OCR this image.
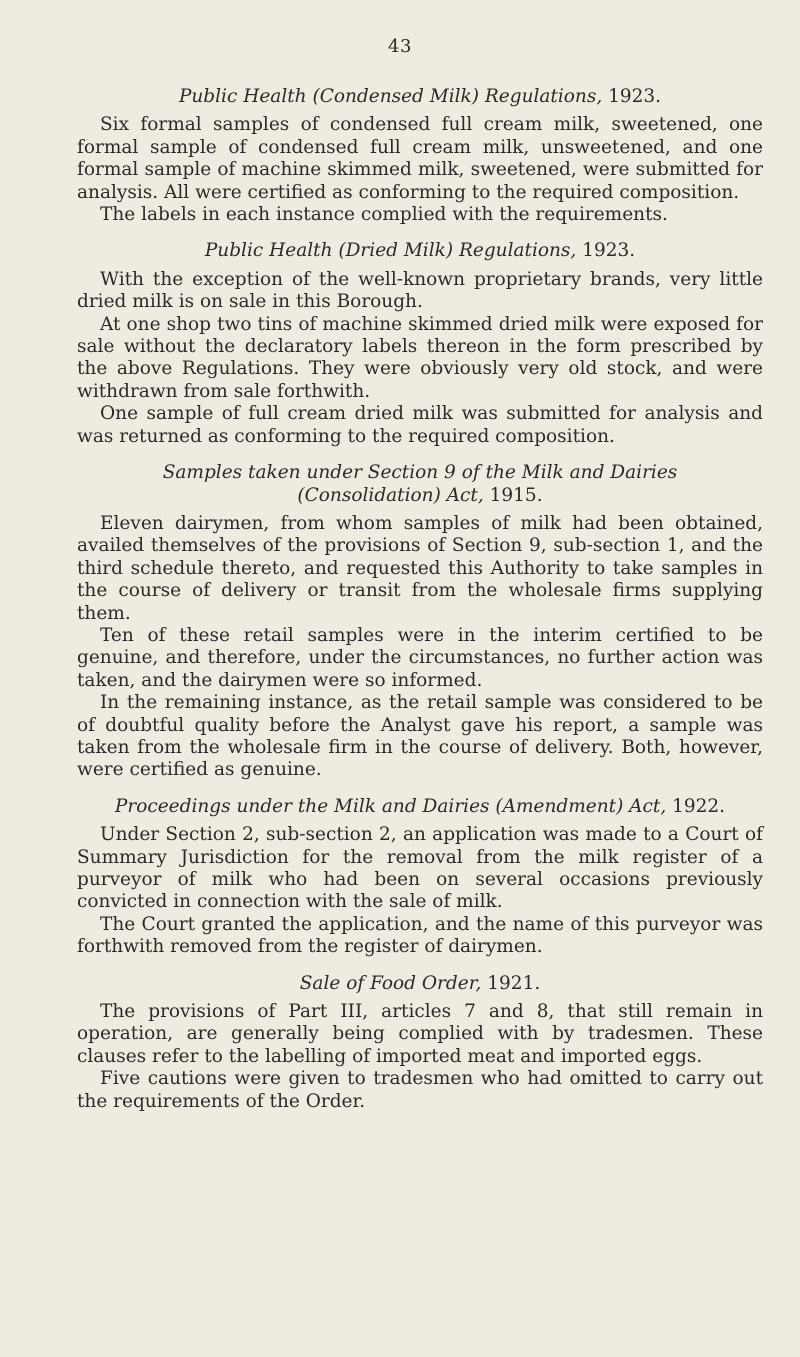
43

Public Health (Condensed Milk) Regulations, 1923.

Six formal samples of condensed full cream milk, sweetened, one formal sample of condensed full cream milk, unsweetened, and one formal sample of machine skimmed milk, sweetened, were submitted for analysis. All were certified as conforming to the required composition.

The labels in each instance complied with the requirements.

Public Health (Dried Milk) Regulations, 1923.

With the exception of the well-known proprietary brands, very little dried milk is on sale in this Borough.

At one shop two tins of machine skimmed dried milk were exposed for sale without the declaratory labels thereon in the form prescribed by the above Regulations. They were obviously very old stock, and were withdrawn from sale forthwith.

One sample of full cream dried milk was submitted for analysis and was returned as conforming to the required composition.

Samples taken under Section 9 of the Milk and Dairies

(Consolidation) Act, 1915.

Eleven dairymen, from whom samples of milk had been obtained, availed themselves of the provisions of Section 9, sub-section 1, and the third schedule thereto, and requested this Authority to take samples in the course of delivery or transit from the wholesale firms supplying them.

Ten of these retail samples were in the interim certified to be genuine, and therefore, under the circumstances, no further action was taken, and the dairymen were so informed.

In the remaining instance, as the retail sample was considered to be of doubtful quality before the Analyst gave his report, a sample was taken from the wholesale firm in the course of delivery. Both, however, were certified as genuine.

Proceedings under the Milk and Dairies (Amendment) Act, 1922.

Under Section 2, sub-section 2, an application was made to a Court of Summary Jurisdiction for the removal from the milk register of a purveyor of milk who had been on several occasions previously convicted in connection with the sale of milk.

The Court granted the application, and the name of this purveyor was forthwith removed from the register of dairymen.

Sale of Food Order, 1921.

The provisions of Part III, articles 7 and 8, that still remain in operation, are generally being complied with by tradesmen. These clauses refer to the labelling of imported meat and imported eggs.

Five cautions were given to tradesmen who had omitted to carry out the requirements of the Order.
